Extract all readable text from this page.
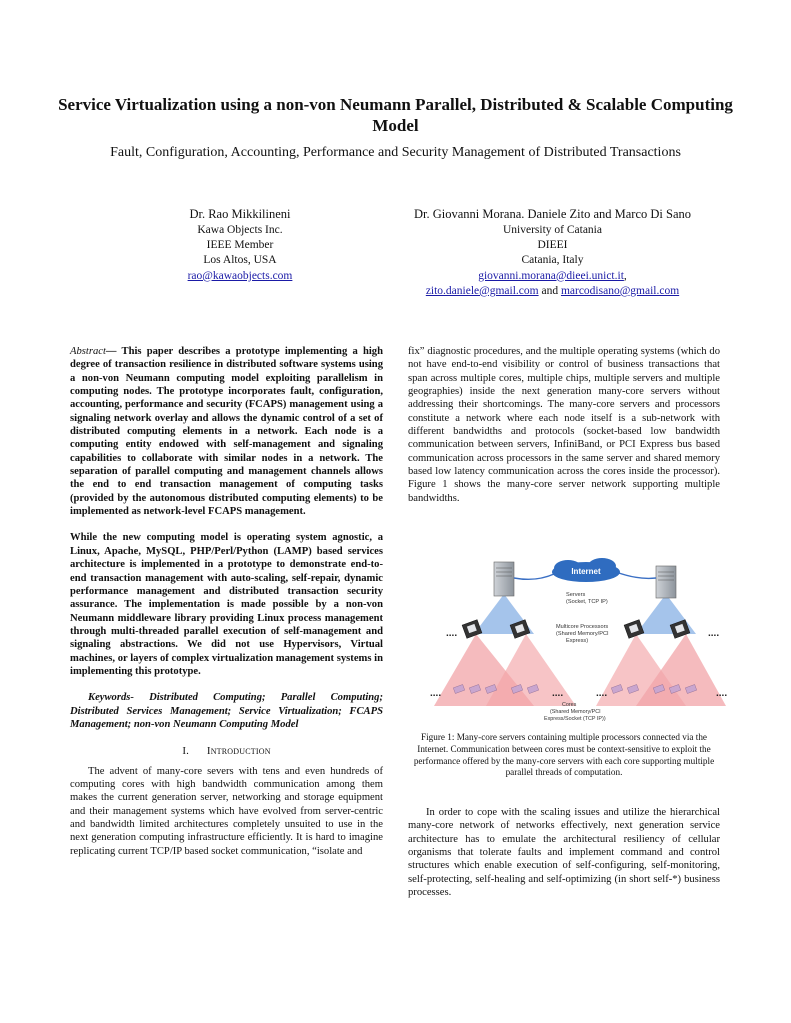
Service Virtualization using a non-von Neumann Parallel, Distributed & Scalable Computing Model
Fault, Configuration, Accounting, Performance and Security Management of Distributed Transactions
Dr. Rao Mikkilineni
Kawa Objects Inc.
IEEE Member
Los Altos, USA
rao@kawaobjects.com
Dr. Giovanni Morana. Daniele Zito and Marco Di Sano
University of Catania
DIEEI
Catania, Italy
giovanni.morana@dieei.unict.it,
zito.daniele@gmail.com and marcodisano@gmail.com

Abstract— This paper describes a prototype implementing a high degree of transaction resilience in distributed software systems using a non-von Neumann computing model exploiting parallelism in computing nodes. The prototype incorporates fault, configuration, accounting, performance and security (FCAPS) management using a signaling network overlay and allows the dynamic control of a set of distributed computing elements in a network. Each node is a computing entity endowed with self-management and signaling capabilities to collaborate with similar nodes in a network. The separation of parallel computing and management channels allows the end to end transaction management of computing tasks (provided by the autonomous distributed computing elements) to be implemented as network-level FCAPS management.

While the new computing model is operating system agnostic, a Linux, Apache, MySQL, PHP/Perl/Python (LAMP) based services architecture is implemented in a prototype to demonstrate end-to-end transaction management with auto-scaling, self-repair, dynamic performance management and distributed transaction security assurance. The implementation is made possible by a non-von Neumann middleware library providing Linux process management through multi-threaded parallel execution of self-management and signaling abstractions. We did not use Hypervisors, Virtual machines, or layers of complex virtualization management systems in implementing this prototype.

Keywords- Distributed Computing; Parallel Computing; Distributed Services Management; Service Virtualization; FCAPS Management; non-von Neumann Computing Model

I. Introduction

The advent of many-core severs with tens and even hundreds of computing cores with high bandwidth communication among them makes the current generation server, networking and storage equipment and their management systems which have evolved from server-centric and bandwidth limited architectures completely unsuited to use in the next generation computing infrastructure efficiently. It is hard to imagine replicating current TCP/IP based socket communication, “isolate and

fix” diagnostic procedures, and the multiple operating systems (which do not have end-to-end visibility or control of business transactions that span across multiple cores, multiple chips, multiple servers and multiple geographies) inside the next generation many-core servers without addressing their shortcomings. The many-core servers and processors constitute a network where each node itself is a sub-network with different bandwidths and protocols (socket-based low bandwidth communication between servers, InfiniBand, or PCI Express bus based communication across processors in the same server and shared memory based low latency communication across the cores inside the processor). Figure 1 shows the many-core server network supporting multiple bandwidths.

Internet
Servers (Socket, TCP IP)
Multicore Processors (Shared Memory/PCI Express)
Cores (Shared Memory/PCI Express/Socket (TCP IP))
....	....
....	....	....	....
Figure 1: Many-core servers containing multiple processors connected via the Internet. Communication between cores must be context-sensitive to exploit the performance offered by the many-core servers with each core supporting multiple parallel threads of computation.

In order to cope with the scaling issues and utilize the hierarchical many-core network of networks effectively, next generation service architecture has to emulate the architectural resiliency of cellular organisms that tolerate faults and implement command and control structures which enable execution of self-configuring, self-monitoring, self-protecting, self-healing and self-optimizing (in short self-*) business processes.
